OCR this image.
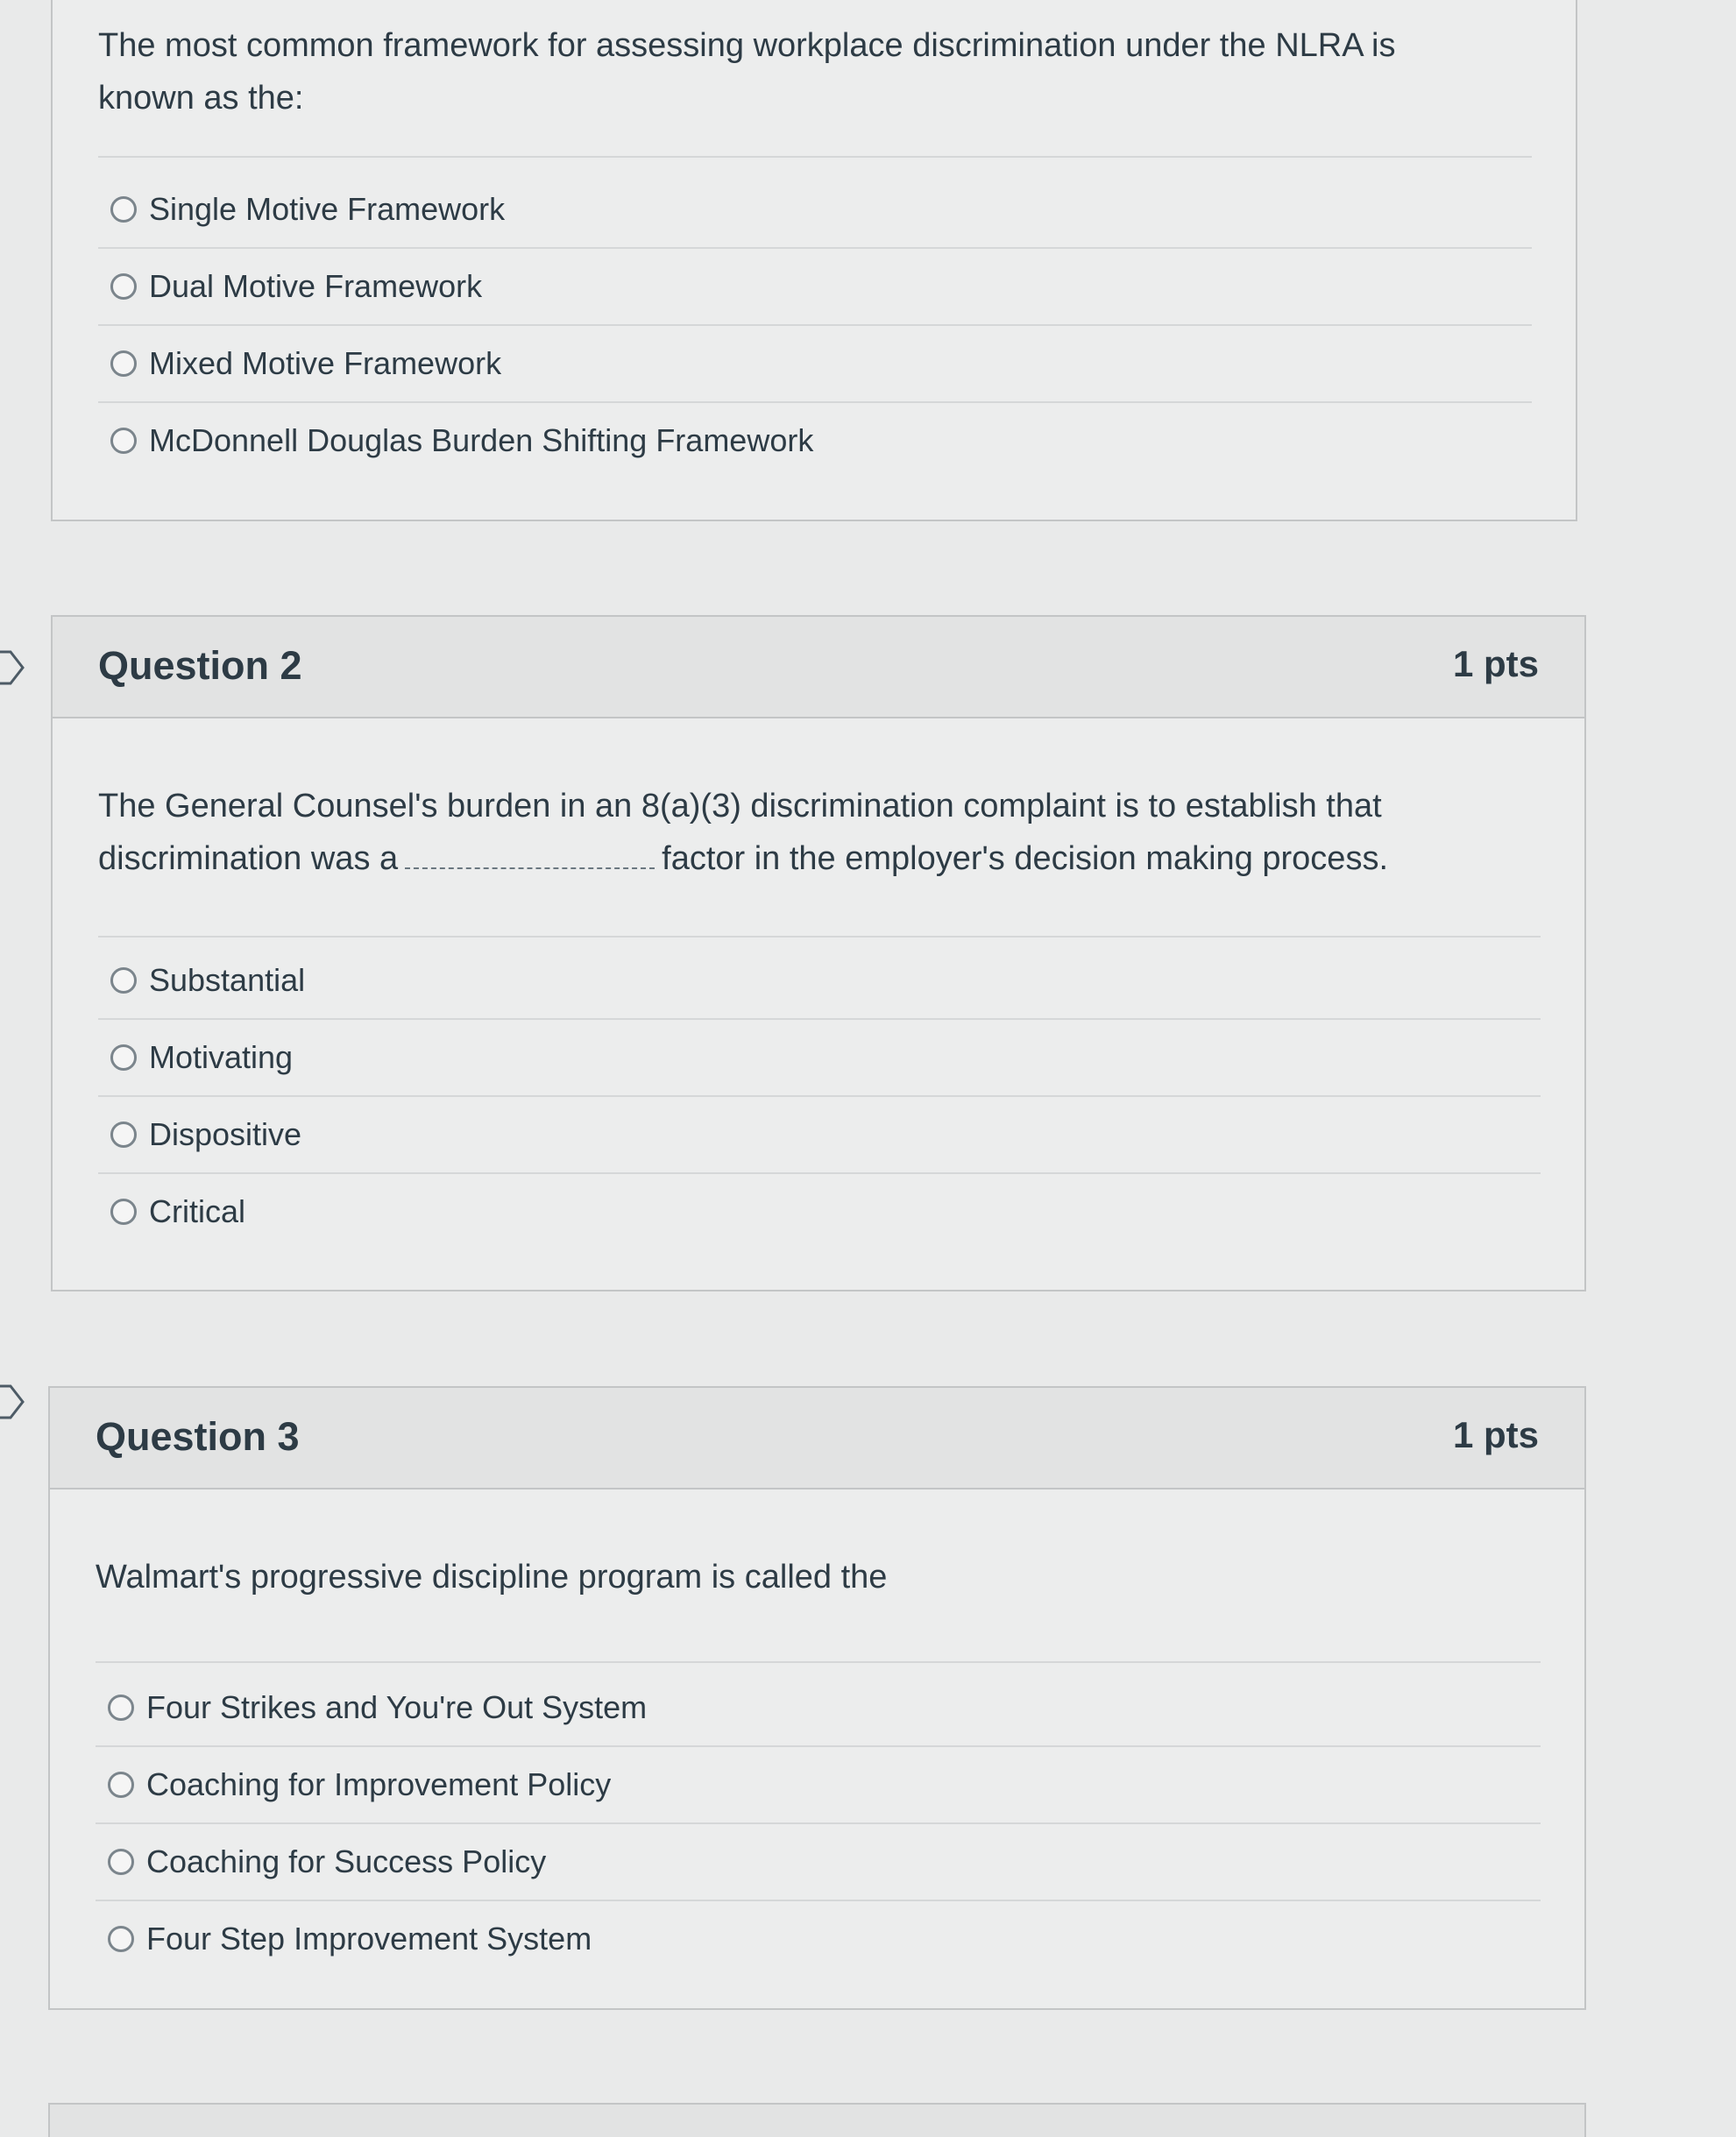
The most common framework for assessing workplace discrimination under the NLRA is known as the:
Single Motive Framework
Dual Motive Framework
Mixed Motive Framework
McDonnell Douglas Burden Shifting Framework
Question 2	1 pts
The General Counsel's burden in an 8(a)(3) discrimination complaint is to establish that discrimination was a	factor in the employer's decision making process.
Substantial
Motivating
Dispositive
Critical
Question 3	1 pts
Walmart's progressive discipline program is called the
Four Strikes and You're Out System
Coaching for Improvement Policy
Coaching for Success Policy
Four Step Improvement System
